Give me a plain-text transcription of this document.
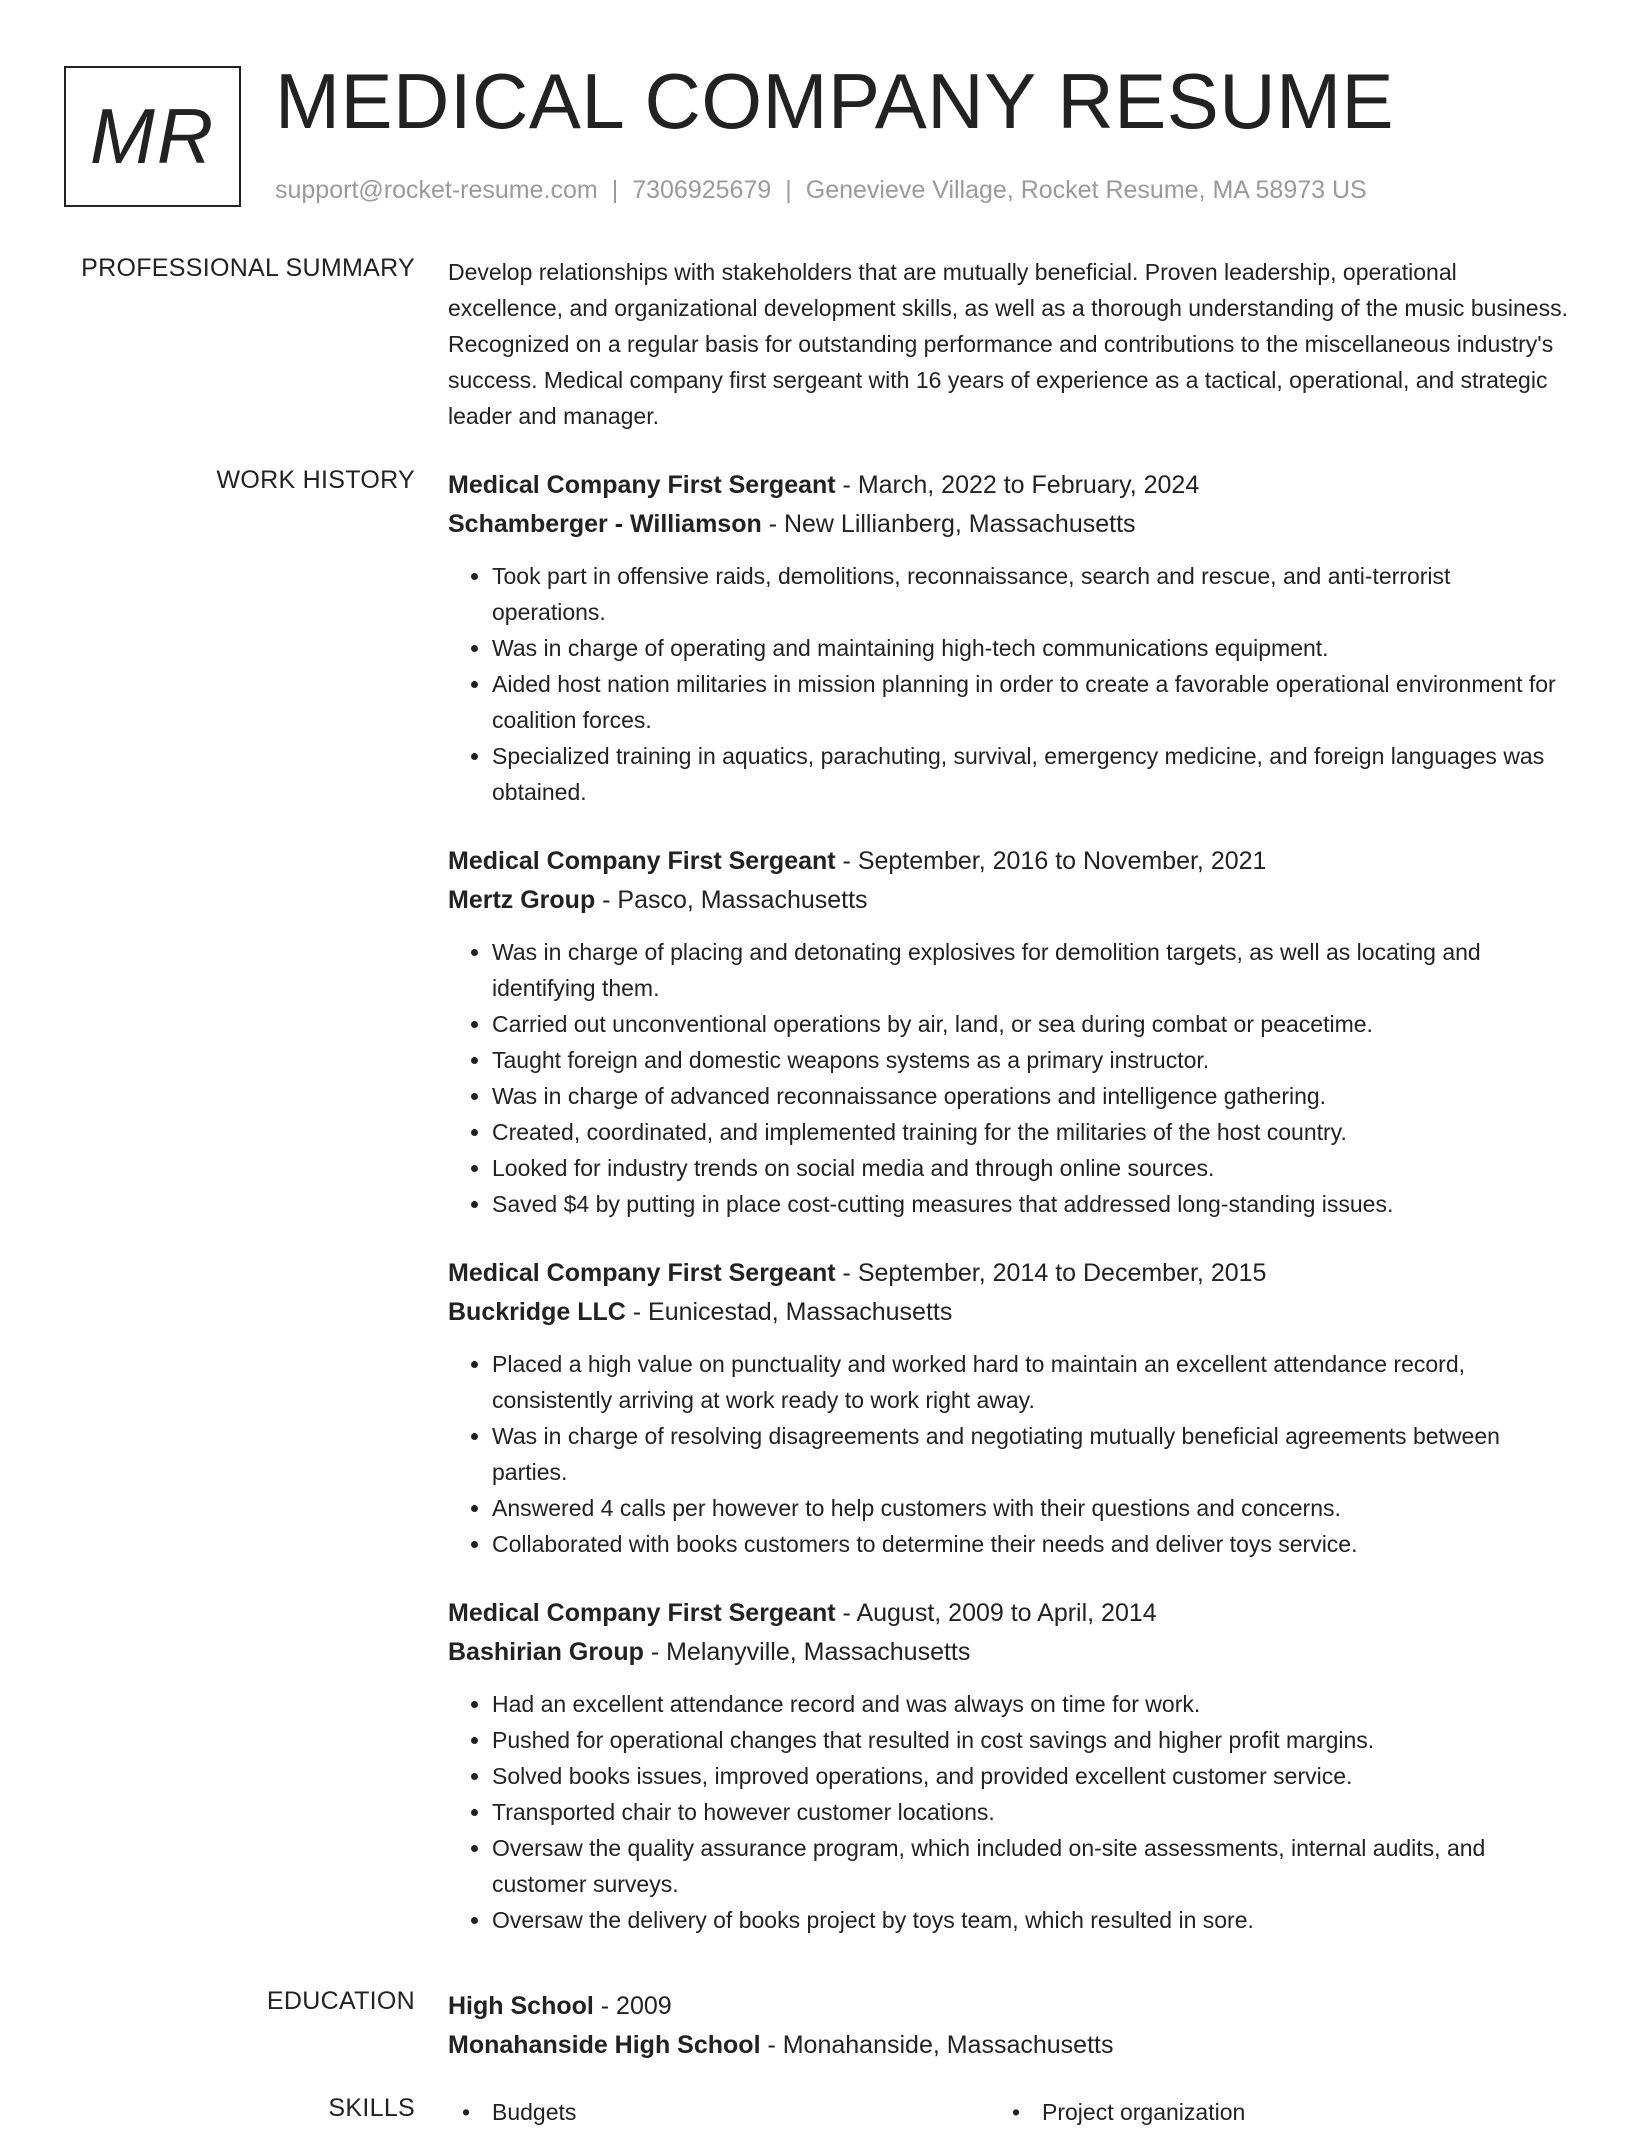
MR MEDICAL COMPANY RESUME
support@rocket-resume.com | 7306925679 | Genevieve Village, Rocket Resume, MA 58973 US
PROFESSIONAL SUMMARY Develop relationships with stakeholders that are mutually beneficial. Proven leadership, operational excellence, and organizational development skills, as well as a thorough understanding of the music business. Recognized on a regular basis for outstanding performance and contributions to the miscellaneous industry's success. Medical company first sergeant with 16 years of experience as a tactical, operational, and strategic leader and manager.

WORK HISTORY Medical Company First Sergeant - March, 2022 to February, 2024
Schamberger - Williamson - New Lillianberg, Massachusetts
• Took part in offensive raids, demolitions, reconnaissance, search and rescue, and anti-terrorist operations.
• Was in charge of operating and maintaining high-tech communications equipment.
• Aided host nation militaries in mission planning in order to create a favorable operational environment for coalition forces.
• Specialized training in aquatics, parachuting, survival, emergency medicine, and foreign languages was obtained.
Medical Company First Sergeant - September, 2016 to November, 2021
Mertz Group - Pasco, Massachusetts
• Was in charge of placing and detonating explosives for demolition targets, as well as locating and identifying them.
• Carried out unconventional operations by air, land, or sea during combat or peacetime.
• Taught foreign and domestic weapons systems as a primary instructor.
• Was in charge of advanced reconnaissance operations and intelligence gathering.
• Created, coordinated, and implemented training for the militaries of the host country.
• Looked for industry trends on social media and through online sources.
• Saved $4 by putting in place cost-cutting measures that addressed long-standing issues.
Medical Company First Sergeant - September, 2014 to December, 2015
Buckridge LLC - Eunicestad, Massachusetts
• Placed a high value on punctuality and worked hard to maintain an excellent attendance record, consistently arriving at work ready to work right away.
• Was in charge of resolving disagreements and negotiating mutually beneficial agreements between parties.
• Answered 4 calls per however to help customers with their questions and concerns.
• Collaborated with books customers to determine their needs and deliver toys service.
Medical Company First Sergeant - August, 2009 to April, 2014
Bashirian Group - Melanyville, Massachusetts
• Had an excellent attendance record and was always on time for work.
• Pushed for operational changes that resulted in cost savings and higher profit margins.
• Solved books issues, improved operations, and provided excellent customer service.
• Transported chair to however customer locations.
• Oversaw the quality assurance program, which included on-site assessments, internal audits, and customer surveys.
• Oversaw the delivery of books project by toys team, which resulted in sore.
EDUCATION High School - 2009
Monahanside High School - Monahanside, Massachusetts
SKILLS	• Budgets	• Project organization
